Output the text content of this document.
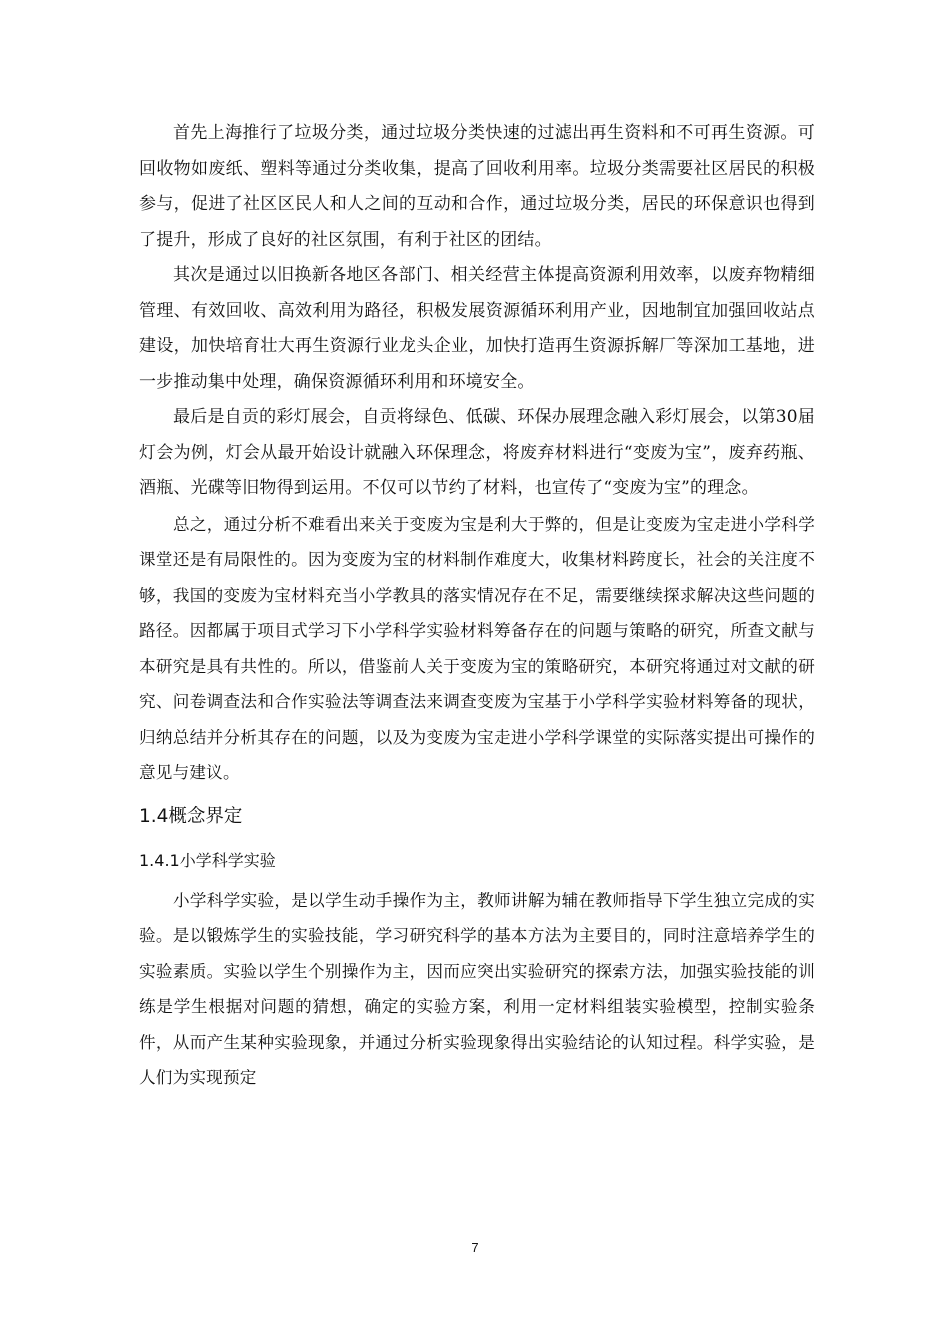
首先上海推行了垃圾分类，通过垃圾分类快速的过滤出再生资料和不可再生资源。可回收物如废纸、塑料等通过分类收集，提高了回收利用率。垃圾分类需要社区居民的积极参与，促进了社区区民人和人之间的互动和合作，通过垃圾分类，居民的环保意识也得到了提升，形成了良好的社区氛围，有利于社区的团结。

其次是通过以旧换新各地区各部门、相关经营主体提高资源利用效率，以废弃物精细管理、有效回收、高效利用为路径，积极发展资源循环利用产业，因地制宜加强回收站点建设，加快培育壮大再生资源行业龙头企业，加快打造再生资源拆解厂等深加工基地，进一步推动集中处理，确保资源循环利用和环境安全。

最后是自贡的彩灯展会，自贡将绿色、低碳、环保办展理念融入彩灯展会，以第30届灯会为例，灯会从最开始设计就融入环保理念，将废弃材料进行“变废为宝”，废弃药瓶、酒瓶、光碟等旧物得到运用。不仅可以节约了材料，也宣传了“变废为宝”的理念。

总之，通过分析不难看出来关于变废为宝是利大于弊的，但是让变废为宝走进小学科学课堂还是有局限性的。因为变废为宝的材料制作难度大，收集材料跨度长，社会的关注度不够，我国的变废为宝材料充当小学教具的落实情况存在不足，需要继续探求解决这些问题的路径。因都属于项目式学习下小学科学实验材料筹备存在的问题与策略的研究，所查文献与本研究是具有共性的。所以，借鉴前人关于变废为宝的策略研究，本研究将通过对文献的研究、问卷调查法和合作实验法等调查法来调查变废为宝基于小学科学实验材料筹备的现状，归纳总结并分析其存在的问题，以及为变废为宝走进小学科学课堂的实际落实提出可操作的意见与建议。

1.4概念界定
1.4.1小学科学实验

小学科学实验，是以学生动手操作为主，教师讲解为辅在教师指导下学生独立完成的实验。是以锻炼学生的实验技能，学习研究科学的基本方法为主要目的，同时注意培养学生的实验素质。实验以学生个别操作为主，因而应突出实验研究的探索方法，加强实验技能的训练是学生根据对问题的猜想，确定的实验方案，利用一定材料组装实验模型，控制实验条件，从而产生某种实验现象，并通过分析实验现象得出实验结论的认知过程。科学实验，是人们为实现预定

7
